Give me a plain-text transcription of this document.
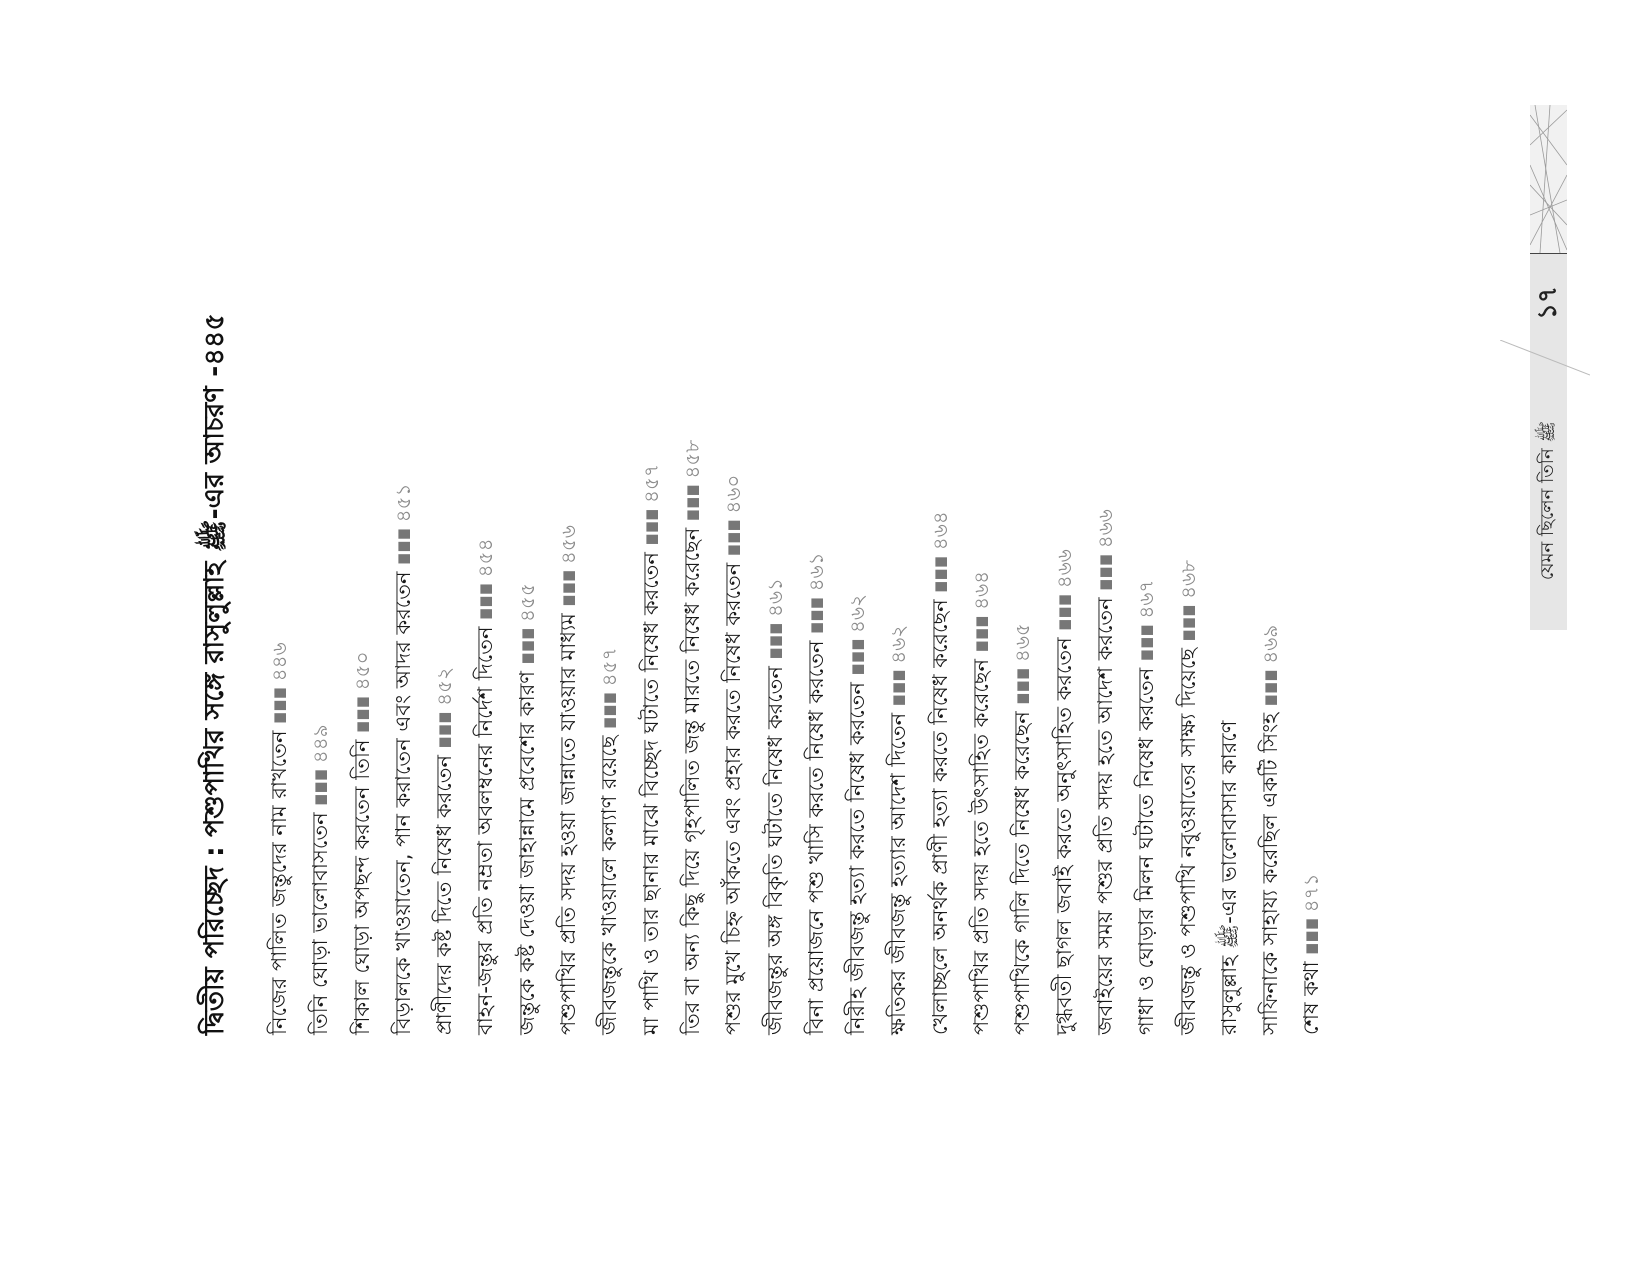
দ্বিতীয় পরিচ্ছেদ : পশুপাখির সঙ্গে রাসুলুল্লাহ ﷺ-এর আচরণ -৪৪৫
নিজের পালিত জন্তুদের নাম রাখতেন∎∎∎৪৪৬
তিনি ঘোড়া ভালোবাসতেন∎∎∎৪৪৯ শিকাল ঘোড়া অপছন্দ করতেন তিনি∎∎∎৪৫০ বিড়ালকে খাওয়াতেন, পান করাতেন এবং আদর করতেন∎∎∎৪৫১
প্রাণীদের কষ্ট দিতে নিষেধ করতেন∎∎∎৪৫২ বাহন-জন্তুর প্রতি নম্রতা অবলম্বনের নির্দেশ দিতেন∎∎∎৪৫৪
জন্তুকে কষ্ট দেওয়া জাহান্নামে প্রবেশের কারণ∎∎∎৪৫৫
পশুপাখির প্রতি সদয় হওয়া জান্নাতে যাওয়ার মাধ্যম∎∎∎৪৫৬
জীবজন্তুকে খাওয়ালে কল্যাণ রয়েছে∎∎∎৪৫৭ মা পাখি ও তার ছানার মাঝে বিচ্ছেদ ঘটাতে নিষেধ করতেন∎∎∎৪৫৭
তির বা অন্য কিছু দিয়ে গৃহপালিত জন্তু মারতে নিষেধ করেছেন∎∎∎৪৫৮
পশুর মুখে চিহ্ন আঁকতে এবং প্রহার করতে নিষেধ করতেন∎∎∎৪৬০
জীবজন্তুর অঙ্গ বিকৃতি ঘটাতে নিষেধ করতেন∎∎∎৪৬১
বিনা প্রয়োজনে পশু খাসি করতে নিষেধ করতেন∎∎∎৪৬১
নিরীহ জীবজন্তু হত্যা করতে নিষেধ করতেন∎∎∎৪৬২
ক্ষতিকর জীবজন্তু হত্যার আদেশ দিতেন∎∎∎৪৬২ খেলাচ্ছলে অনর্থক প্রাণী হত্যা করতে নিষেধ করেছেন∎∎∎৪৬৪
পশুপাখির প্রতি সদয় হতে উৎসাহিত করেছেন∎∎∎৪৬৪
পশুপাখিকে গালি দিতে নিষেধ করেছেন∎∎∎৪৬৫ দুগ্ধবতী ছাগল জবাই করতে অনুৎসাহিত করতেন∎∎∎৪৬৬
জবাইয়ের সময় পশুর প্রতি সদয় হতে আদেশ করতেন∎∎∎৪৬৬
গাধা ও ঘোড়ার মিলন ঘটাতে নিষেধ করতেন∎∎∎৪৬৭
জীবজন্তু ও পশুপাখি নবুওয়াতের সাক্ষ্য দিয়েছে∎∎∎৪৬৮
রাসুলুল্লাহ ﷺ-এর ভালোবাসার কারণে সাফিনাকে সাহায্য করেছিল একটি সিংহ∎∎∎৪৬৯
শেষ কথা∎∎∎৪৭১
১৭
যেমন ছিলেন তিনি ﷺ
